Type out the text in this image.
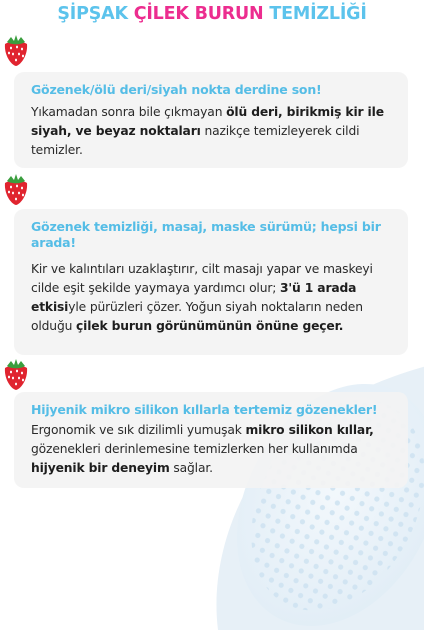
ŞİPŞAK ÇİLEK BURUN TEMİZLİĞİ
Gözenek/ölü deri/siyah nokta derdine son!

Yıkamadan sonra bile çıkmayan ölü deri, birikmiş kir ile siyah, ve beyaz noktaları nazikçe temizleyerek cildi temizler.

Gözenek temizliği, masaj, maske sürümü; hepsi bir arada!

Kir ve kalıntıları uzaklaştırır, cilt masajı yapar ve maskeyi cilde eşit şekilde yaymaya yardımcı olur; 3'ü 1 arada etkisiyle pürüzleri çözer. Yoğun siyah noktaların neden olduğu çilek burun görünümünün önüne geçer.

Hijyenik mikro silikon kıllarla tertemiz gözenekler!

Ergonomik ve sık dizilimli yumuşak mikro silikon kıllar, gözenekleri derinlemesine temizlerken her kullanımda hijyenik bir deneyim sağlar.
